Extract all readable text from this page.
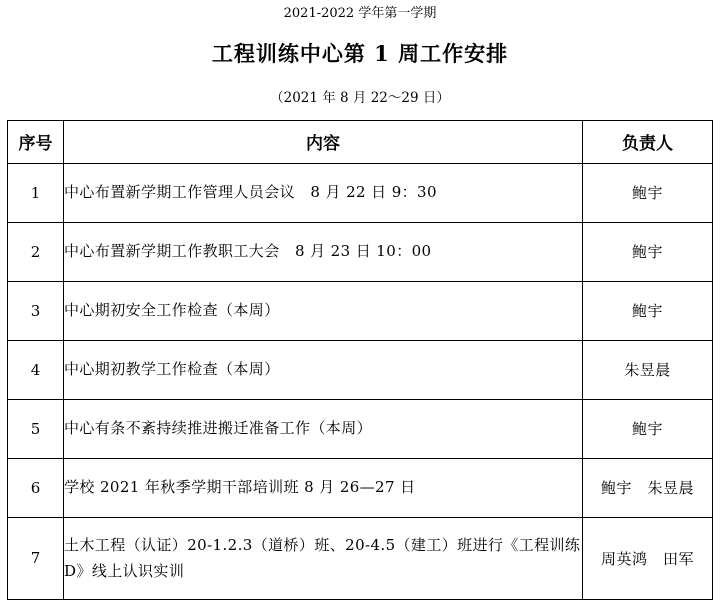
2021-2022 学年第一学期
工程训练中心第 1 周工作安排
（2021 年 8 月 22～29 日）
序号	内容	负责人
1	中心布置新学期工作管理人员会议　8 月 22 日 9：30	鲍宇
2	中心布置新学期工作教职工大会　8 月 23 日 10：00	鲍宇
3	中心期初安全工作检查（本周）	鲍宇
4	中心期初教学工作检查（本周）	朱昱晨
5	中心有条不紊持续推进搬迁准备工作（本周）	鲍宇
6	学校 2021 年秋季学期干部培训班 8 月 26—27 日	鲍宇　朱昱晨
7	土木工程（认证）20-1.2.3（道桥）班、20-4.5（建工）班进行《工程训练 D》线上认识实训	周英鸿　田军
